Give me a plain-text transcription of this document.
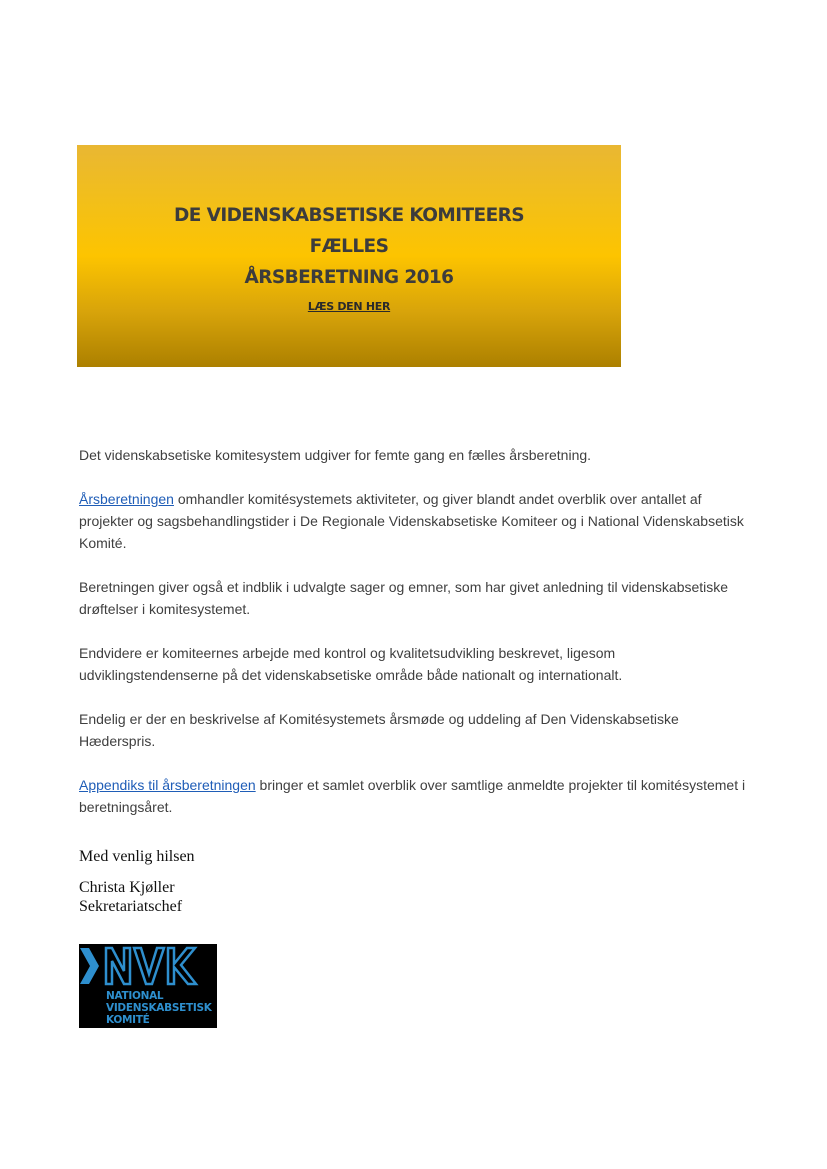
DE VIDENSKABSETISKE KOMITEERS
FÆLLES
ÅRSBERETNING 2016
LÆS DEN HER

Det videnskabsetiske komitesystem udgiver for femte gang en fælles årsberetning.

Årsberetningen omhandler komitésystemets aktiviteter, og giver blandt andet overblik over antallet af projekter og sagsbehandlingstider i De Regionale Videnskabsetiske Komiteer og i National Videnskabsetisk Komité.

Beretningen giver også et indblik i udvalgte sager og emner, som har givet anledning til videnskabsetiske drøftelser i komitesystemet.

Endvidere er komiteernes arbejde med kontrol og kvalitetsudvikling beskrevet, ligesom udviklingstendenserne på det videnskabsetiske område både nationalt og internationalt.

Endelig er der en beskrivelse af Komitésystemets årsmøde og uddeling af Den Videnskabsetiske Hæderspris.

Appendiks til årsberetningen bringer et samlet overblik over samtlige anmeldte projekter til komitésystemet i beretningsåret.

Med venlig hilsen
Christa Kjøller
Sekretariatschef
NATIONAL
VIDENSKABSETISK
KOMITÉ
